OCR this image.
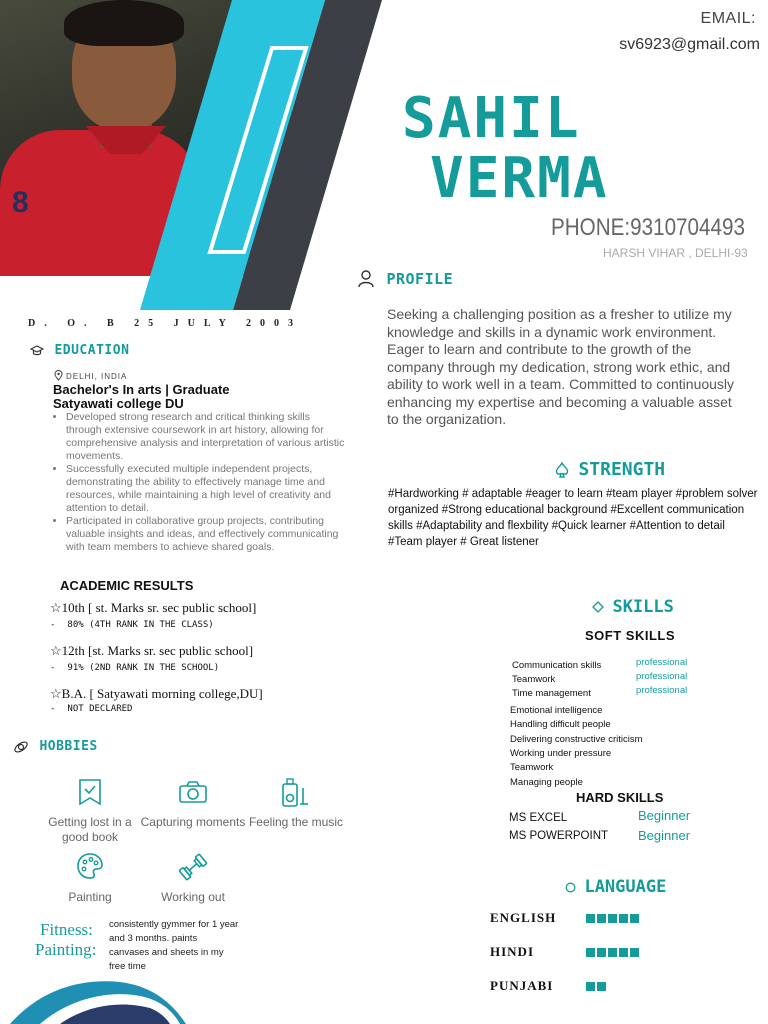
8
EMAIL:
sv6923@gmail.com
SAHIL
VERMA
PHONE:9310704493
HARSH VIHAR , DELHI-93
D. O. B 25 JULY 2003
PROFILE
Seeking a challenging position as a fresher to utilize my knowledge and skills in a dynamic work environment. Eager to learn and contribute to the growth of the company through my dedication, strong work ethic, and ability to work well in a team. Committed to continuously enhancing my expertise and becoming a valuable asset to the organization.
EDUCATION
DELHI, INDIA
Bachelor's In arts | Graduate
Satyawati college DU
• Developed strong research and critical thinking skills through extensive coursework in art history, allowing for comprehensive analysis and interpretation of various artistic movements.
• Successfully executed multiple independent projects, demonstrating the ability to effectively manage time and resources, while maintaining a high level of creativity and attention to detail.
• Participated in collaborative group projects, contributing valuable insights and ideas, and effectively communicating with team members to achieve shared goals.
ACADEMIC RESULTS
☆10th [ st. Marks sr. sec public school]
- 80% (4TH RANK IN THE CLASS)
☆12th [st. Marks sr. sec public school]
- 91% (2ND RANK IN THE SCHOOL)
☆B.A. [ Satyawati morning college,DU]
- NOT DECLARED
HOBBIES
Getting lost in a good book
Capturing moments Feeling the music
Painting	Working out
Fitness:
Painting:
consistently gymmer for 1 year and 3 months. paints canvases and sheets in my free time
STRENGTH
#Hardworking # adaptable #eager to learn #team player #problem solver organized #Strong educational background #Excellent communication skills #Adaptability and flexbility #Quick learner #Attention to detail #Team player # Great listener
SKILLS
SOFT SKILLS
Communication skills	professional
Teamwork	professional
Time management	professional
Emotional intelligence
Handling difficult people
Delivering constructive criticism
Working under pressure
Teamwork
Managing people
HARD SKILLS
MS EXCEL	Beginner
MS POWERPOINT Beginner
LANGUAGE
ENGLISH
HINDI
PUNJABI
